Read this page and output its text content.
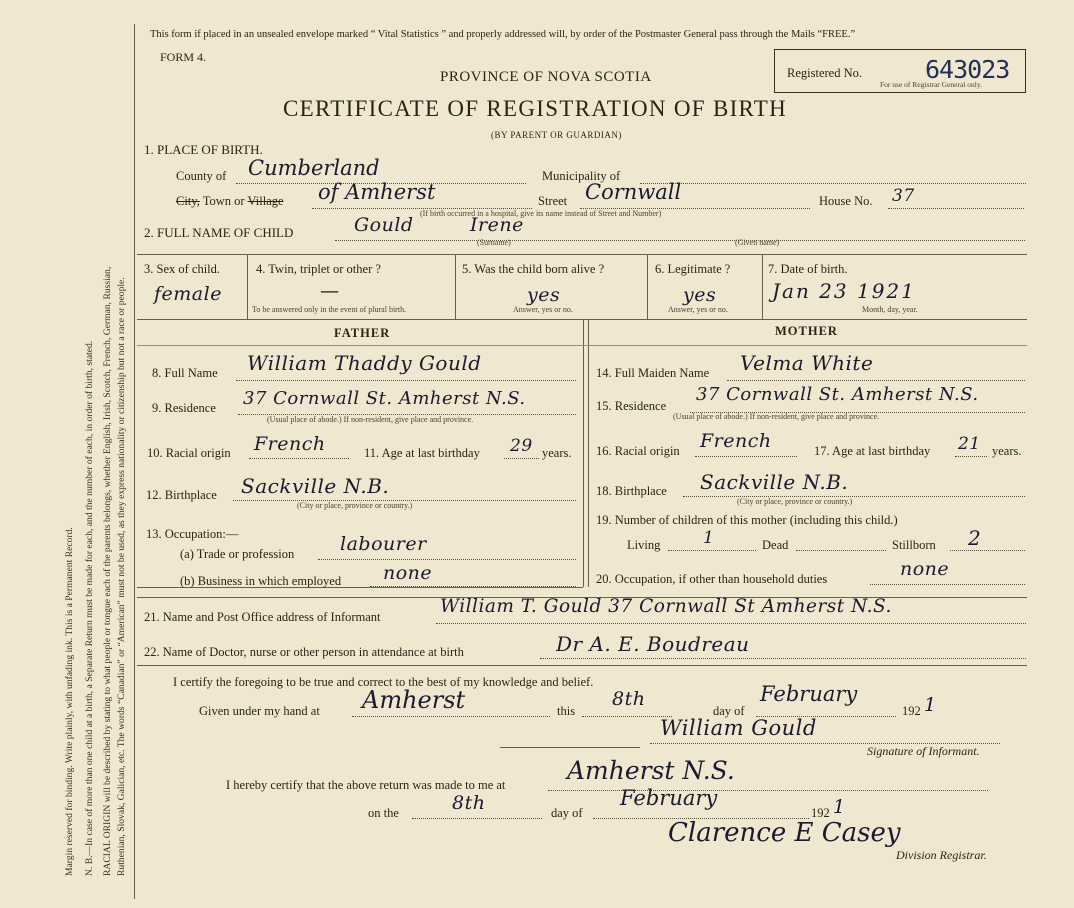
Margin reserved for binding. Write plainly, with unfading ink. This is a Permanent Record. N. B.—In case of more than one child at a birth, a Separate Return must be made for each, and the number of each, in order of birth, stated. RACIAL ORIGIN will be described by stating to what people or tongue each of the parents belongs, whether English, Irish, Scotch, French, German, Russian, Ruthenian, Slovak, Galician, etc. The words “Canadian” or “American” must not be used, as they express nationality or citizenship but not a race or people.
This form if placed in an unsealed envelope marked “ Vital Statistics ” and properly addressed will, by order of the Postmaster General pass through the Mails “FREE.”
FORM 4.
Registered No.	643023
For use of Registrar General only.
PROVINCE OF NOVA SCOTIA
CERTIFICATE OF REGISTRATION OF BIRTH
(BY PARENT OR GUARDIAN)
1. PLACE OF BIRTH.
County of Cumberland	Municipality of
City, Town or Village of Amherst	Street Cornwall	House No. 37
(If birth occurred in a hospital, give its name instead of Street and Number)
2. FULL NAME OF CHILD	Gould	Irene
(Surname)	(Given name)
3. Sex of child.
female
4. Twin, triplet or other ?
—
To be answered only in the event of plural birth.
5. Was the child born alive ?
yes
Answer, yes or no.
6. Legitimate ?
yes
Answer, yes or no.
7. Date of birth.
Jan 23 1921
Month, day, year.
FATHER	MOTHER
8. Full Name William Thaddy Gould
9. Residence 37 Cornwall St. Amherst N.S.
(Usual place of abode.) If non-resident, give place and province.
10. Racial origin French	11. Age at last birthday 29 years.
12. Birthplace Sackville N.B.
(City or place, province or country.)
13. Occupation:—
(a) Trade or profession labourer
(b) Business in which employed none
14. Full Maiden Name Velma White
15. Residence
37 Cornwall St. Amherst N.S.
(Usual place of abode.) If non-resident, give place and province.
16. Racial origin French	17. Age at last birthday 21 years.
18. Birthplace Sackville N.B.
(City or place, province or country.)
19. Number of children of this mother (including this child.)
Living	1	Dead	Stillborn 2
20. Occupation, if other than household duties	none
21. Name and Post Office address of Informant	William T. Gould 37 Cornwall St Amherst N.S.
22. Name of Doctor, nurse or other person in attendance at birth	Dr A. E. Boudreau
I certify the foregoing to be true and correct to the best of my knowledge and belief.
Given under my hand at Amherst	this
8th
day of
February
192 1
William Gould
Signature of Informant.
I hereby certify that the above return was made to me at Amherst N.S.
on the	8th	day of
February
192 1
Clarence E Casey
Division Registrar.
